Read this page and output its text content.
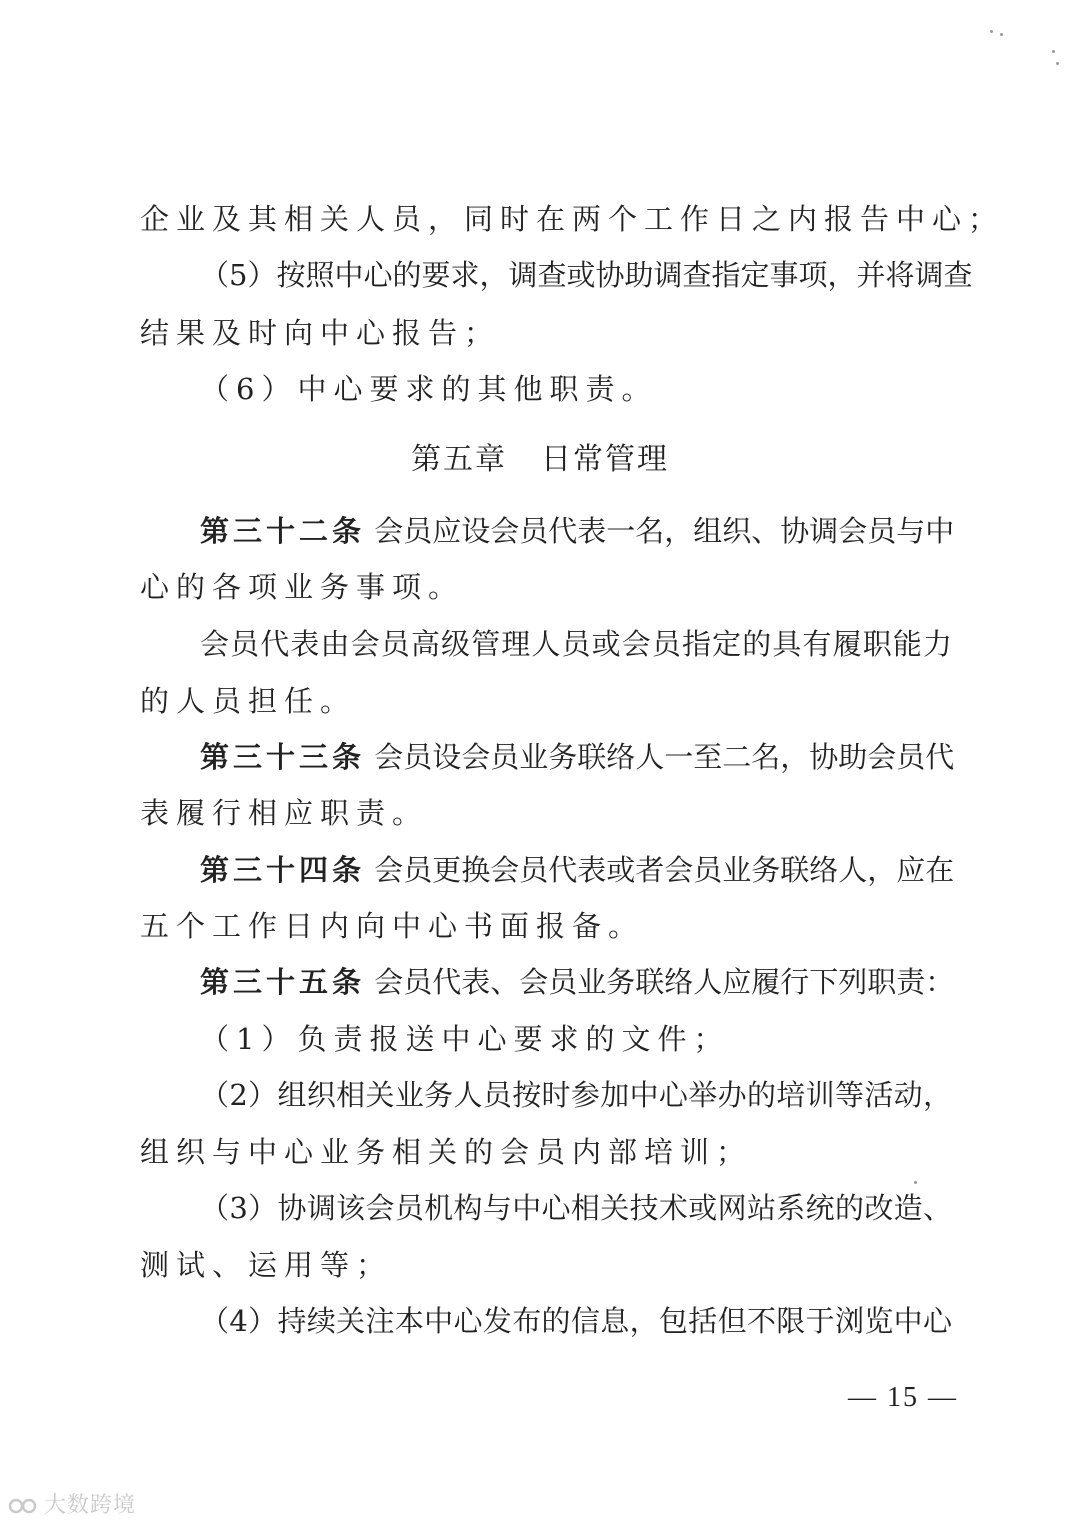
企业及其相关人员，同时在两个工作日之内报告中心；
（5）按照中心的要求，调查或协助调查指定事项，并将调查
结果及时向中心报告；
（6）中心要求的其他职责。
第五章 日常管理
第三十二条 会员应设会员代表一名，组织、协调会员与中
心的各项业务事项。
会员代表由会员高级管理人员或会员指定的具有履职能力
的人员担任。
第三十三条 会员设会员业务联络人一至二名，协助会员代
表履行相应职责。
第三十四条 会员更换会员代表或者会员业务联络人，应在
五个工作日内向中心书面报备。
第三十五条 会员代表、会员业务联络人应履行下列职责：
（1）负责报送中心要求的文件；
（2）组织相关业务人员按时参加中心举办的培训等活动，
组织与中心业务相关的会员内部培训；
（3）协调该会员机构与中心相关技术或网站系统的改造、
测试、运用等；
（4）持续关注本中心发布的信息，包括但不限于浏览中心
— 15 —
大数跨境
